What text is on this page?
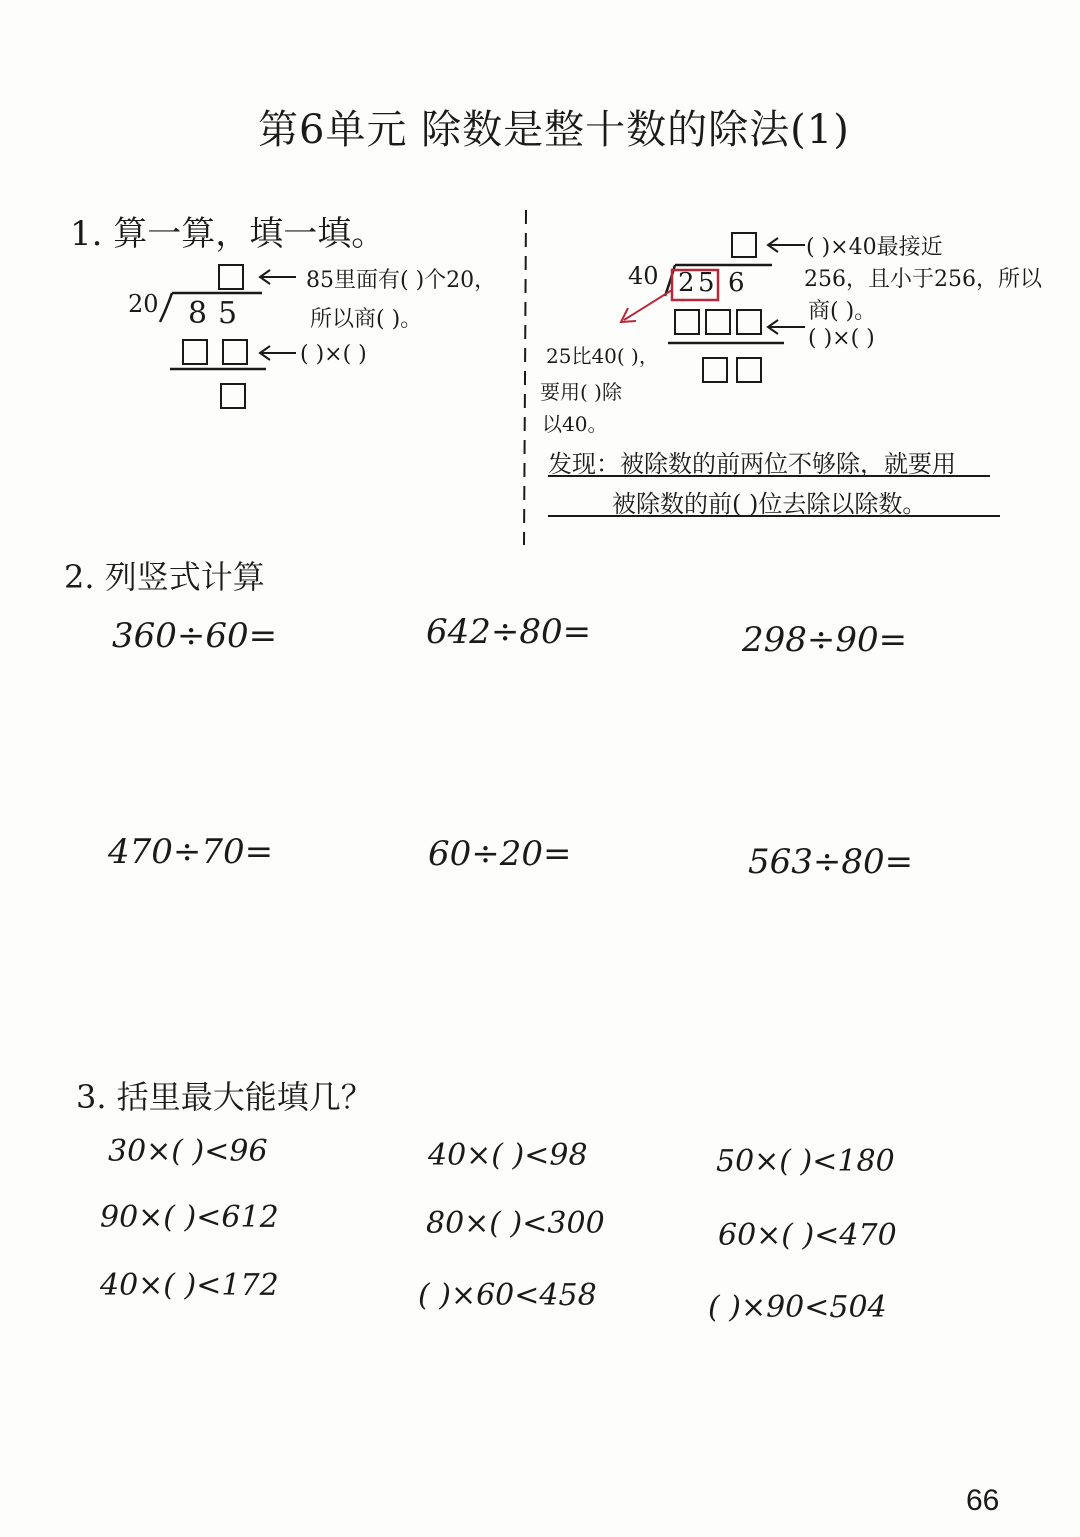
第6单元 除数是整十数的除法(1)
1. 算一算，填一填。
20 8 5
85里面有( )个20，
所以商( )。
( )×( )
40 2 5 6
( )×40最接近
256，且小于256，所以
商( )。
( )×( )
25比40( )，
要用( )除
以40。
发现：被除数的前两位不够除，就要用
被除数的前( )位去除以除数。
2. 列竖式计算
360÷60=	642÷80=	298÷90=
470÷70=	60÷20=	563÷80=
3. 括里最大能填几？
30×( )<96	40×( )<98	50×( )<180
90×( )<612	80×( )<300	60×( )<470
40×( )<172	( )×60<458	( )×90<504
66
